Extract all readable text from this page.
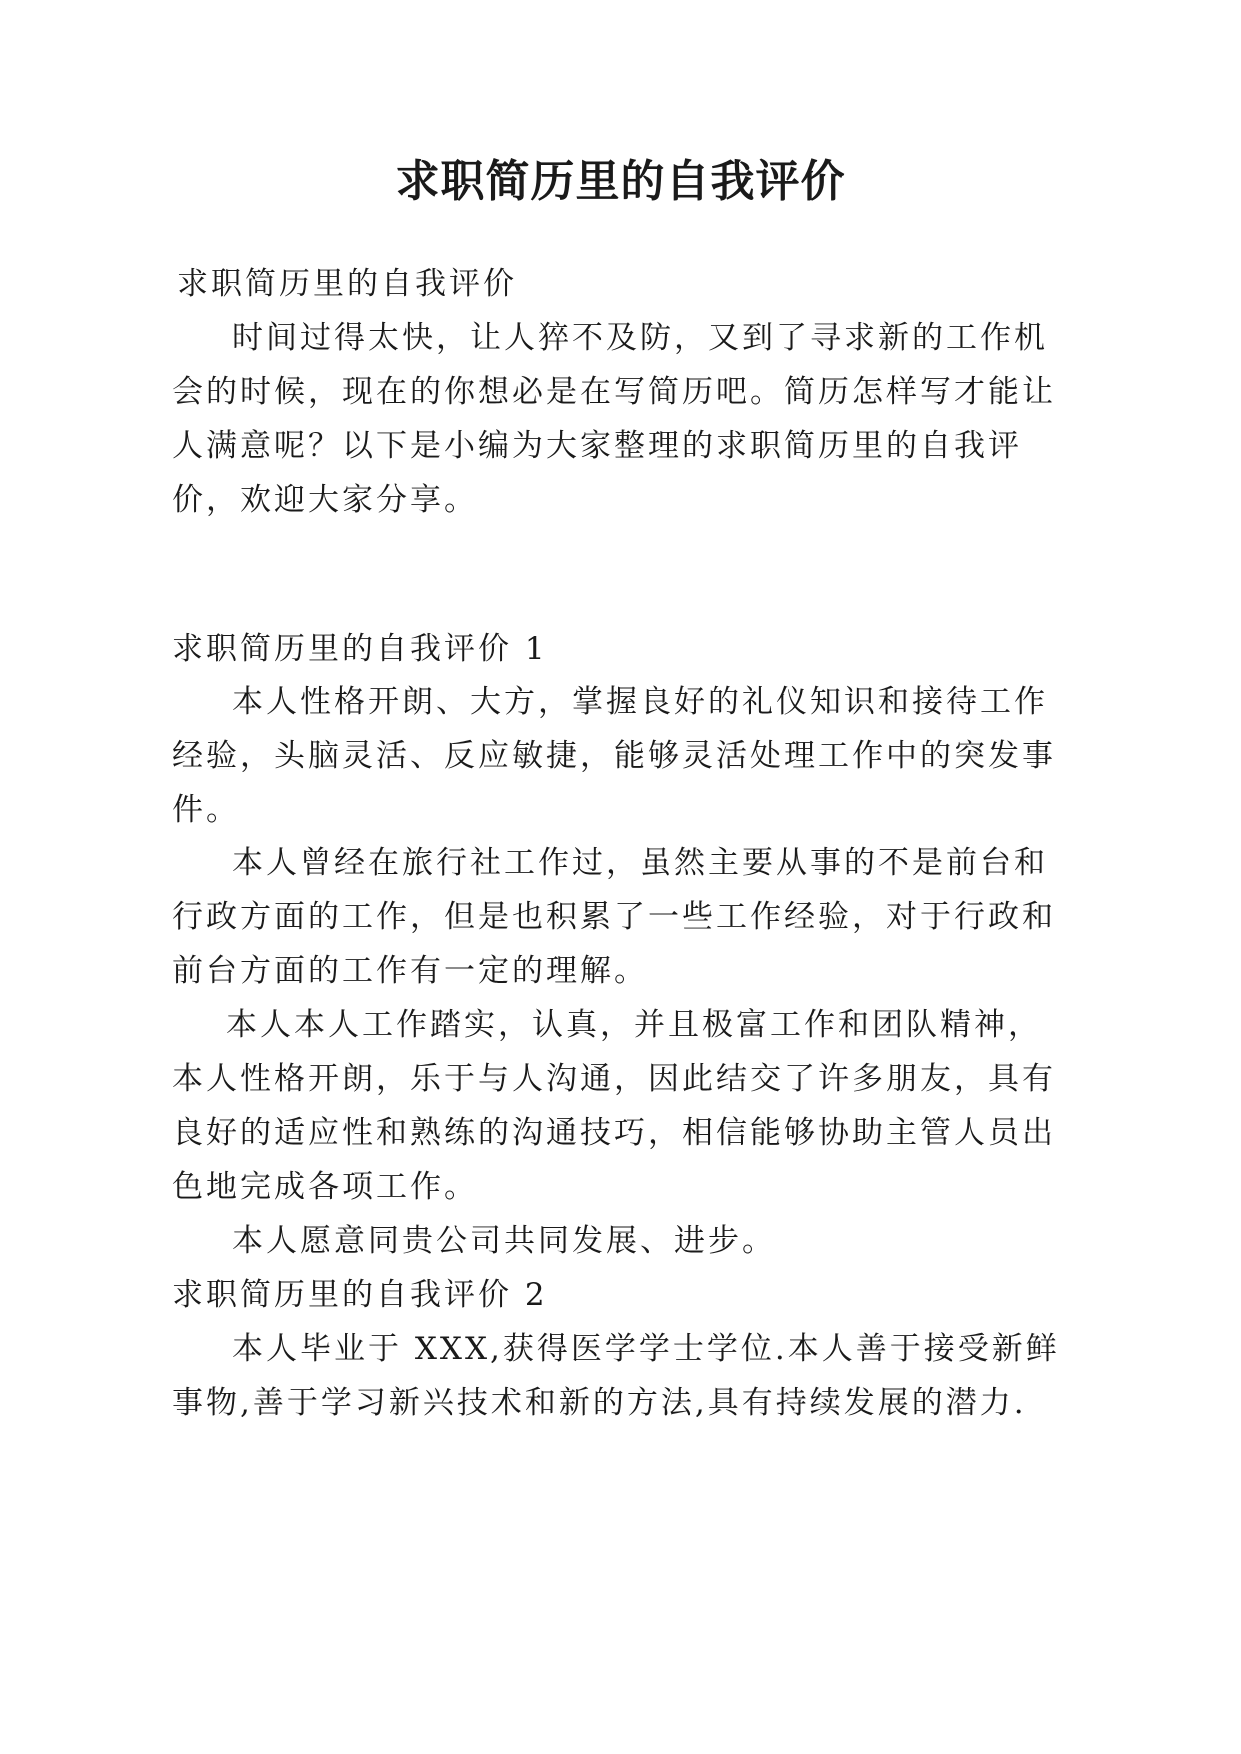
求职简历里的自我评价
求职简历里的自我评价
时间过得太快，让人猝不及防，又到了寻求新的工作机
会的时候，现在的你想必是在写简历吧。简历怎样写才能让
人满意呢？以下是小编为大家整理的求职简历里的自我评
价，欢迎大家分享。
求职简历里的自我评价 1
本人性格开朗、大方，掌握良好的礼仪知识和接待工作
经验，头脑灵活、反应敏捷，能够灵活处理工作中的突发事
件。
本人曾经在旅行社工作过，虽然主要从事的不是前台和
行政方面的工作，但是也积累了一些工作经验，对于行政和
前台方面的工作有一定的理解。
本人本人工作踏实，认真，并且极富工作和团队精神，
本人性格开朗，乐于与人沟通，因此结交了许多朋友，具有
良好的适应性和熟练的沟通技巧，相信能够协助主管人员出
色地完成各项工作。
本人愿意同贵公司共同发展、进步。
求职简历里的自我评价 2
本人毕业于 XXX,获得医学学士学位.本人善于接受新鲜
事物,善于学习新兴技术和新的方法,具有持续发展的潜力.
